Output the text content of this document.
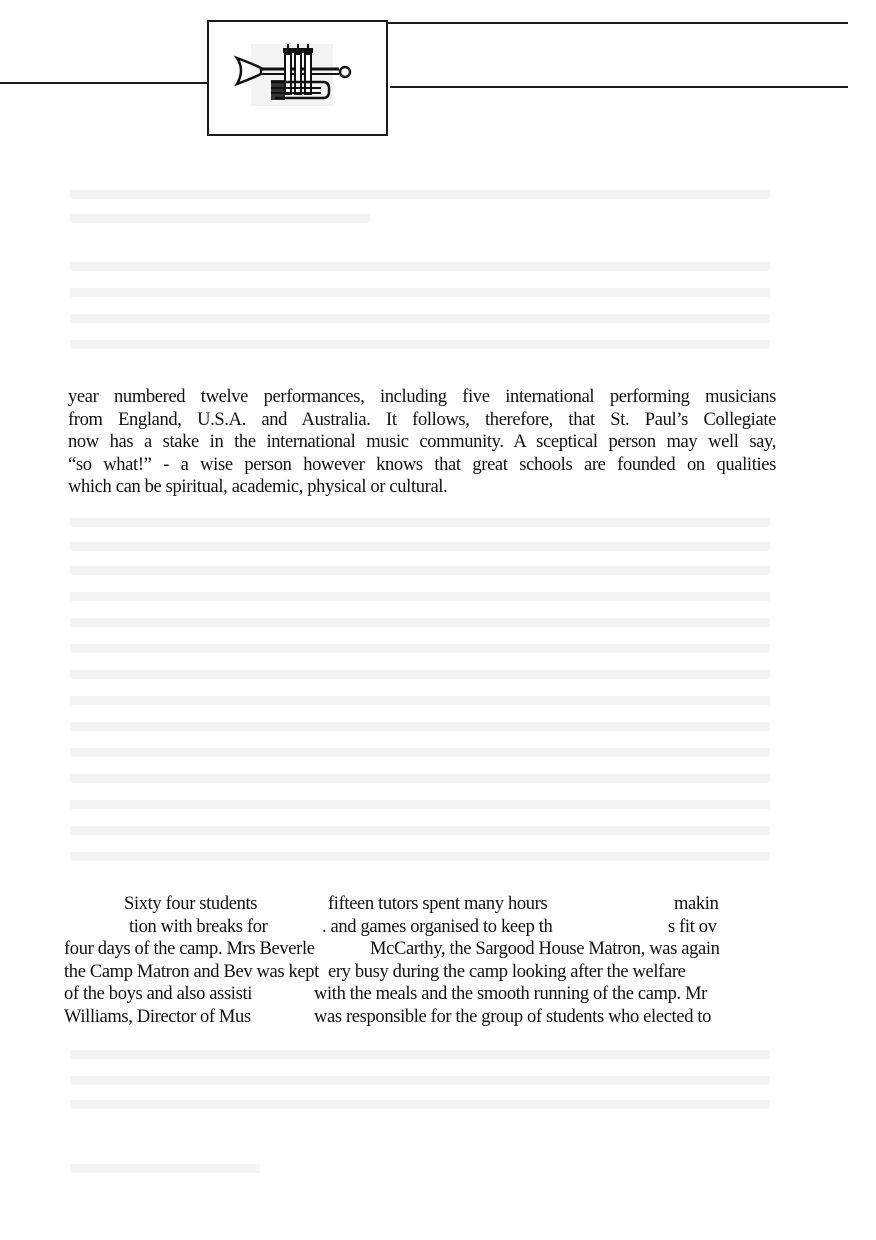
year numbered twelve performances, including five international performing musicians
from England, U.S.A. and Australia. It follows, therefore, that St. Paul’s Collegiate
now has a stake in the international music community. A sceptical person may well say,
“so what!” - a wise person however knows that great schools are founded on qualities
which can be spiritual, academic, physical or cultural.
Sixty four students	fifteen tutors spent many hours	makin
tion with breaks for	. and games organised to keep th	s fit ov
four days of the camp. Mrs Beverle	McCarthy, the Sargood House Matron, was again
the Camp Matron and Bev was kept ery busy during the camp looking after the welfare
of the boys and also assisti	with the meals and the smooth running of the camp. Mr
Williams, Director of Mus	was responsible for the group of students who elected to
